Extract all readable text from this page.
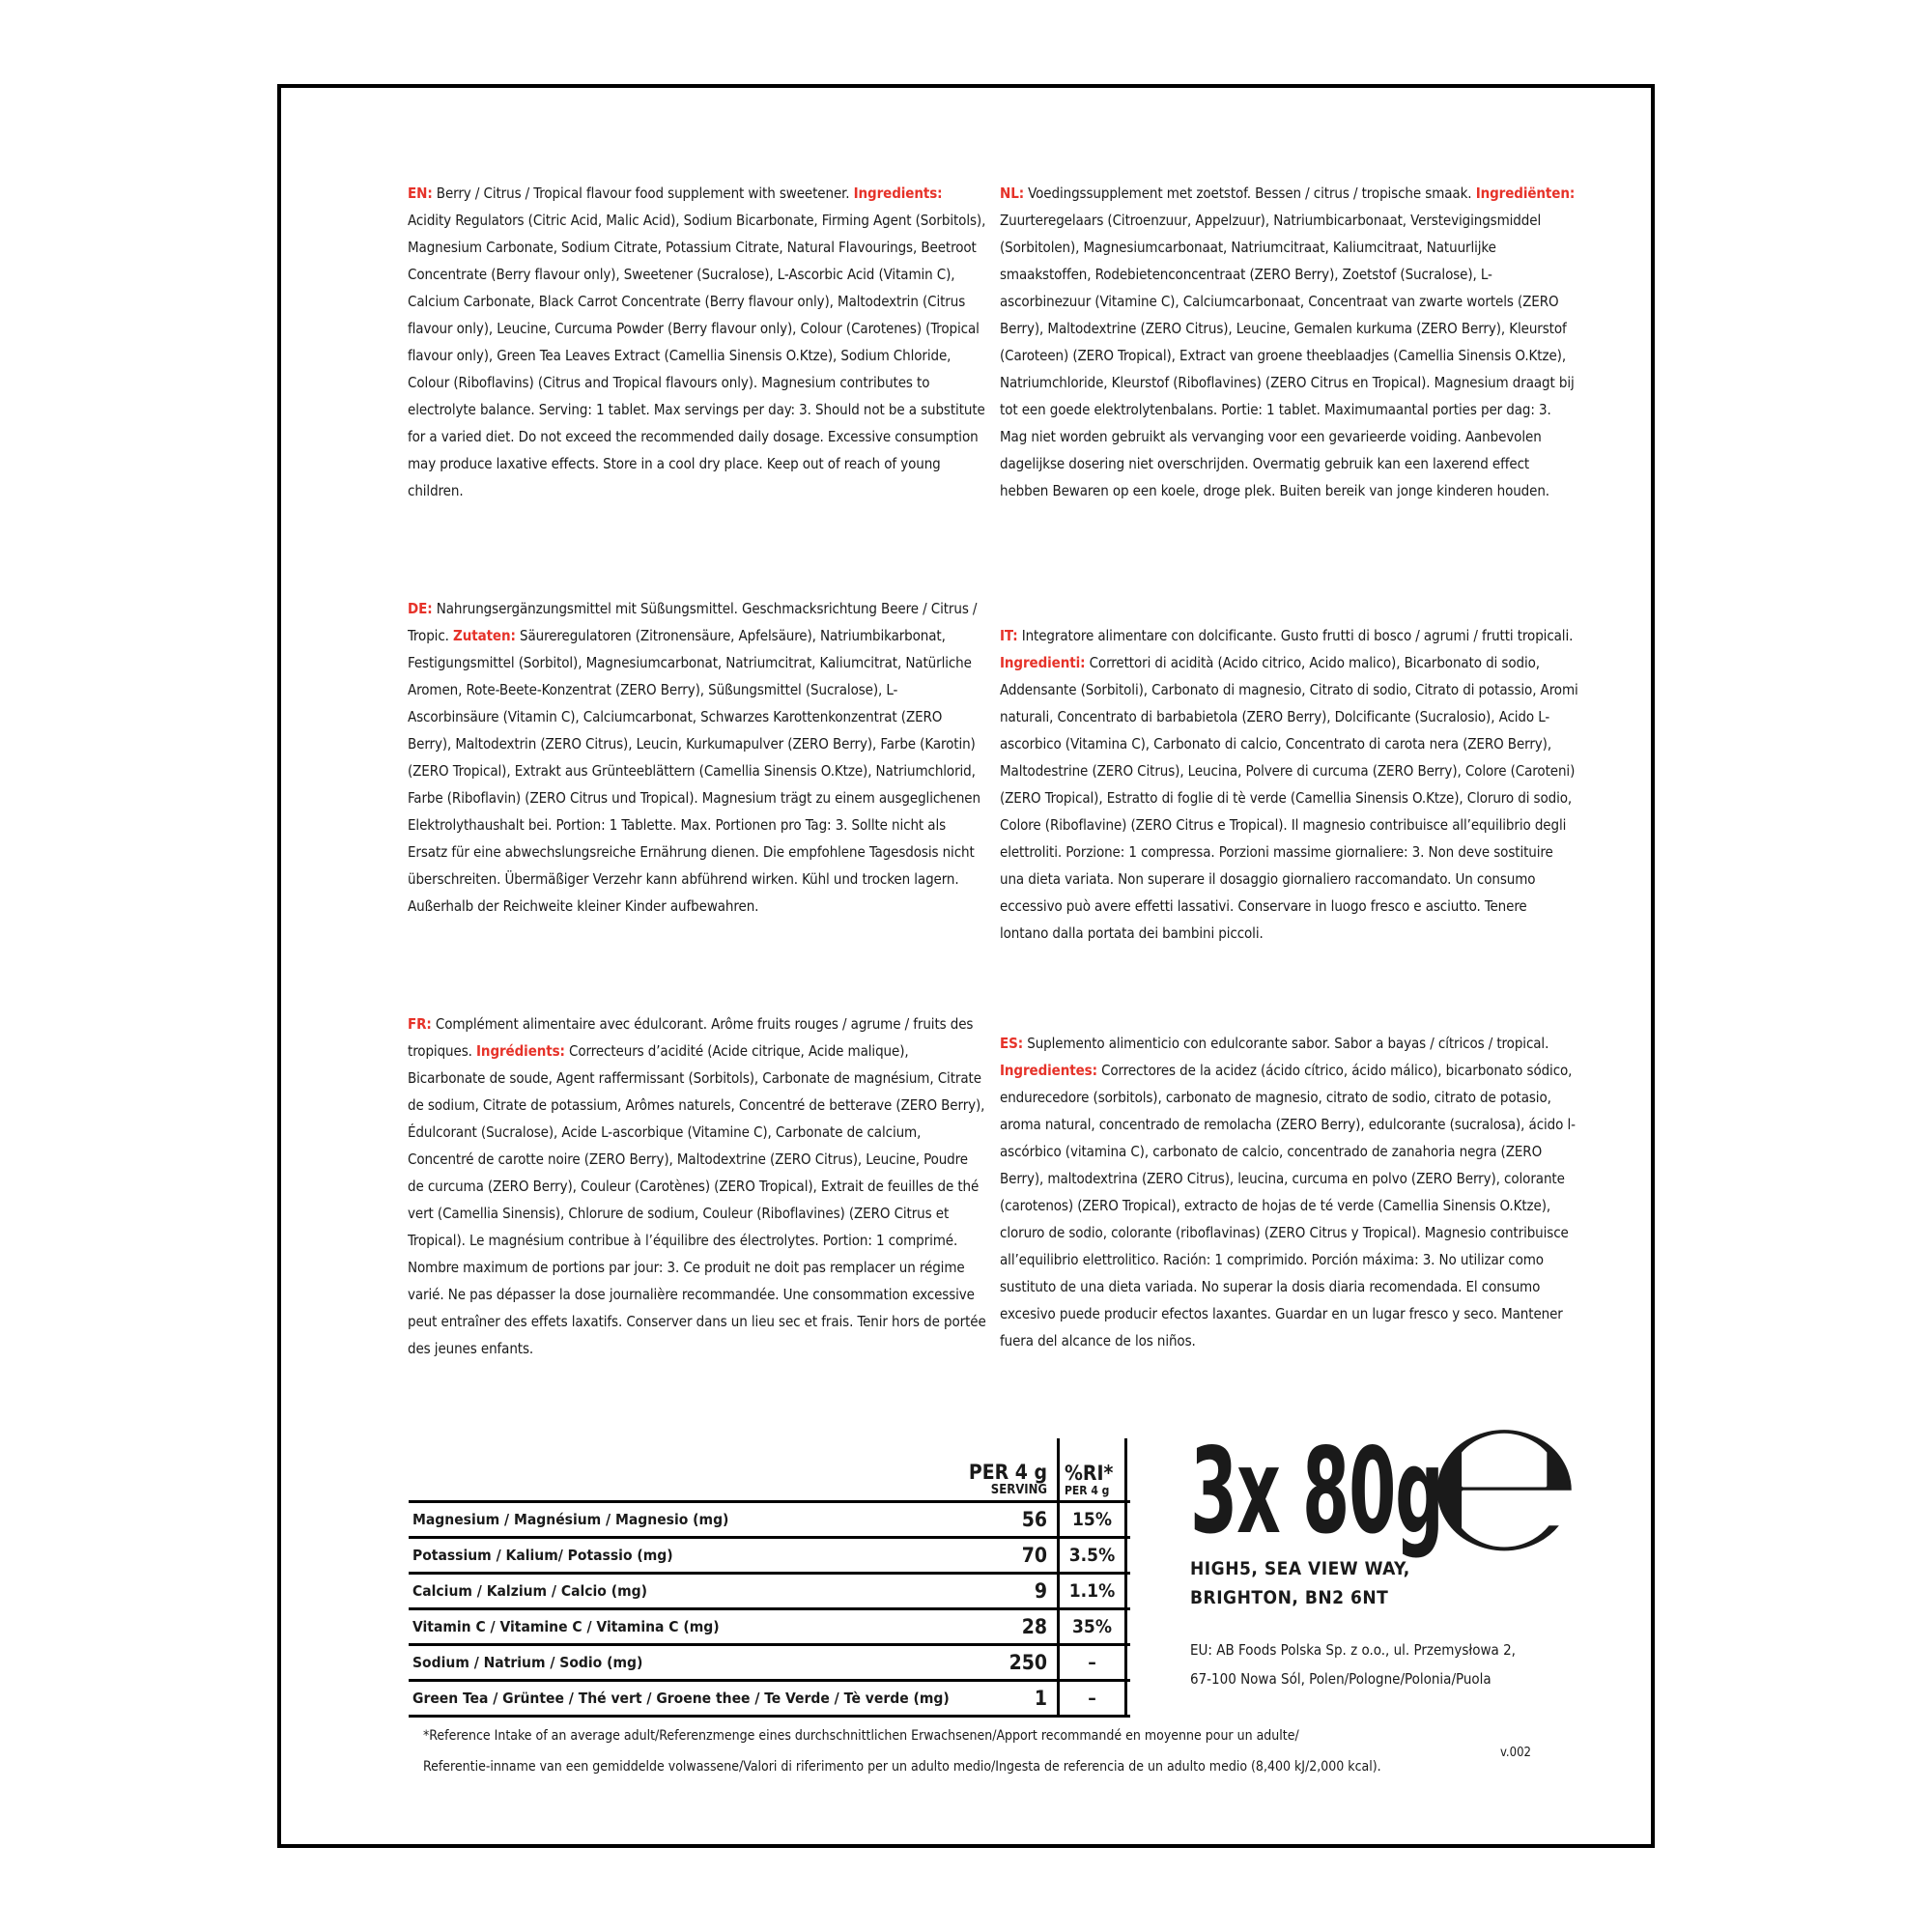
EN: Berry / Citrus / Tropical flavour food supplement with sweetener. Ingredients: Acidity Regulators (Citric Acid, Malic Acid), Sodium Bicarbonate, Firming Agent (Sorbitols), Magnesium Carbonate, Sodium Citrate, Potassium Citrate, Natural Flavourings, Beetroot Concentrate (Berry flavour only), Sweetener (Sucralose), L-Ascorbic Acid (Vitamin C), Calcium Carbonate, Black Carrot Concentrate (Berry flavour only), Maltodextrin (Citrus flavour only), Leucine, Curcuma Powder (Berry flavour only), Colour (Carotenes) (Tropical flavour only), Green Tea Leaves Extract (Camellia Sinensis O.Ktze), Sodium Chloride, Colour (Riboflavins) (Citrus and Tropical flavours only). Magnesium contributes to electrolyte balance. Serving: 1 tablet. Max servings per day: 3. Should not be a substitute for a varied diet. Do not exceed the recommended daily dosage. Excessive consumption may produce laxative effects. Store in a cool dry place. Keep out of reach of young children.

DE: Nahrungsergänzungsmittel mit Süßungsmittel. Geschmacksrichtung Beere / Citrus / Tropic. Zutaten: Säureregulatoren (Zitronensäure, Apfelsäure), Natriumbikarbonat, Festigungsmittel (Sorbitol), Magnesiumcarbonat, Natriumcitrat, Kaliumcitrat, Natürliche Aromen, Rote-Beete-Konzentrat (ZERO Berry), Süßungsmittel (Sucralose), L-Ascorbinsäure (Vitamin C), Calciumcarbonat, Schwarzes Karottenkonzentrat (ZERO Berry), Maltodextrin (ZERO Citrus), Leucin, Kurkumapulver (ZERO Berry), Farbe (Karotin) (ZERO Tropical), Extrakt aus Grünteeblättern (Camellia Sinensis O.Ktze), Natriumchlorid, Farbe (Riboflavin) (ZERO Citrus und Tropical). Magnesium trägt zu einem ausgeglichenen Elektrolythaushalt bei. Portion: 1 Tablette. Max. Portionen pro Tag: 3. Sollte nicht als Ersatz für eine abwechslungsreiche Ernährung dienen. Die empfohlene Tagesdosis nicht überschreiten. Übermäßiger Verzehr kann abführend wirken. Kühl und trocken lagern. Außerhalb der Reichweite kleiner Kinder aufbewahren.

FR: Complément alimentaire avec édulcorant. Arôme fruits rouges / agrume / fruits des tropiques. Ingrédients: Correcteurs d’acidité (Acide citrique, Acide malique), Bicarbonate de soude, Agent raffermissant (Sorbitols), Carbonate de magnésium, Citrate de sodium, Citrate de potassium, Arômes naturels, Concentré de betterave (ZERO Berry), Édulcorant (Sucralose), Acide L-ascorbique (Vitamine C), Carbonate de calcium, Concentré de carotte noire (ZERO Berry), Maltodextrine (ZERO Citrus), Leucine, Poudre de curcuma (ZERO Berry), Couleur (Carotènes) (ZERO Tropical), Extrait de feuilles de thé vert (Camellia Sinensis), Chlorure de sodium, Couleur (Riboflavines) (ZERO Citrus et Tropical). Le magnésium contribue à l’équilibre des électrolytes. Portion: 1 comprimé. Nombre maximum de portions par jour: 3. Ce produit ne doit pas remplacer un régime varié. Ne pas dépasser la dose journalière recommandée. Une consommation excessive peut entraîner des effets laxatifs. Conserver dans un lieu sec et frais. Tenir hors de portée des jeunes enfants.

NL: Voedingssupplement met zoetstof. Bessen / citrus / tropische smaak. Ingrediënten: Zuurteregelaars (Citroenzuur, Appelzuur), Natriumbicarbonaat, Verstevigingsmiddel (Sorbitolen), Magnesiumcarbonaat, Natriumcitraat, Kaliumcitraat, Natuurlijke smaakstoffen, Rodebietenconcentraat (ZERO Berry), Zoetstof (Sucralose), L-ascorbinezuur (Vitamine C), Calciumcarbonaat, Concentraat van zwarte wortels (ZERO Berry), Maltodextrine (ZERO Citrus), Leucine, Gemalen kurkuma (ZERO Berry), Kleurstof (Caroteen) (ZERO Tropical), Extract van groene theeblaadjes (Camellia Sinensis O.Ktze), Natriumchloride, Kleurstof (Riboflavines) (ZERO Citrus en Tropical). Magnesium draagt bij tot een goede elektrolytenbalans. Portie: 1 tablet. Maximumaantal porties per dag: 3. Mag niet worden gebruikt als vervanging voor een gevarieerde voiding. Aanbevolen dagelijkse dosering niet overschrijden. Overmatig gebruik kan een laxerend effect hebben Bewaren op een koele, droge plek. Buiten bereik van jonge kinderen houden.

IT: Integratore alimentare con dolcificante. Gusto frutti di bosco / agrumi / frutti tropicali. Ingredienti: Correttori di acidità (Acido citrico, Acido malico), Bicarbonato di sodio, Addensante (Sorbitoli), Carbonato di magnesio, Citrato di sodio, Citrato di potassio, Aromi naturali, Concentrato di barbabietola (ZERO Berry), Dolcificante (Sucralosio), Acido L-ascorbico (Vitamina C), Carbonato di calcio, Concentrato di carota nera (ZERO Berry), Maltodestrine (ZERO Citrus), Leucina, Polvere di curcuma (ZERO Berry), Colore (Caroteni) (ZERO Tropical), Estratto di foglie di tè verde (Camellia Sinensis O.Ktze), Cloruro di sodio, Colore (Riboflavine) (ZERO Citrus e Tropical). Il magnesio contribuisce all’equilibrio degli elettroliti. Porzione: 1 compressa. Porzioni massime giornaliere: 3. Non deve sostituire una dieta variata. Non superare il dosaggio giornaliero raccomandato. Un consumo eccessivo può avere effetti lassativi. Conservare in luogo fresco e asciutto. Tenere lontano dalla portata dei bambini piccoli.

ES: Suplemento alimenticio con edulcorante sabor. Sabor a bayas / cítricos / tropical. Ingredientes: Correctores de la acidez (ácido cítrico, ácido málico), bicarbonato sódico, endurecedore (sorbitols), carbonato de magnesio, citrato de sodio, citrato de potasio, aroma natural, concentrado de remolacha (ZERO Berry), edulcorante (sucralosa), ácido l-ascórbico (vitamina C), carbonato de calcio, concentrado de zanahoria negra (ZERO Berry), maltodextrina (ZERO Citrus), leucina, curcuma en polvo (ZERO Berry), colorante (carotenos) (ZERO Tropical), extracto de hojas de té verde (Camellia Sinensis O.Ktze), cloruro de sodio, colorante (riboflavinas) (ZERO Citrus y Tropical). Magnesio contribuisce all’equilibrio elettrolitico. Ración: 1 comprimido. Porción máxima: 3. No utilizar como sustituto de una dieta variada. No superar la dosis diaria recomendada. El consumo excesivo puede producir efectos laxantes. Guardar en un lugar fresco y seco. Mantener fuera del alcance de los niños.

PER 4 g
SERVING
%RI*
PER 4 g
Magnesium / Magnésium / Magnesio (mg)	56	15%
Potassium / Kalium/ Potassio (mg)	70	3.5%
Calcium / Kalzium / Calcio (mg)	9	1.1%
Vitamin C / Vitamine C / Vitamina C (mg)	28	35%
Sodium / Natrium / Sodio (mg)	250	–
Green Tea / Grüntee / Thé vert / Groene thee / Te Verde / Tè verde (mg)	1	–
3x 80g
℮
HIGH5, SEA VIEW WAY,
BRIGHTON, BN2 6NT
EU: AB Foods Polska Sp. z o.o., ul. Przemysłowa 2,
67-100 Nowa Sól, Polen/Pologne/Polonia/Puola
*Reference Intake of an average adult/Referenzmenge eines durchschnittlichen Erwachsenen/Apport recommandé en moyenne pour un adulte/
Referentie-inname van een gemiddelde volwassene/Valori di riferimento per un adulto medio/Ingesta de referencia de un adulto medio (8,400 kJ/2,000 kcal).
v.002
